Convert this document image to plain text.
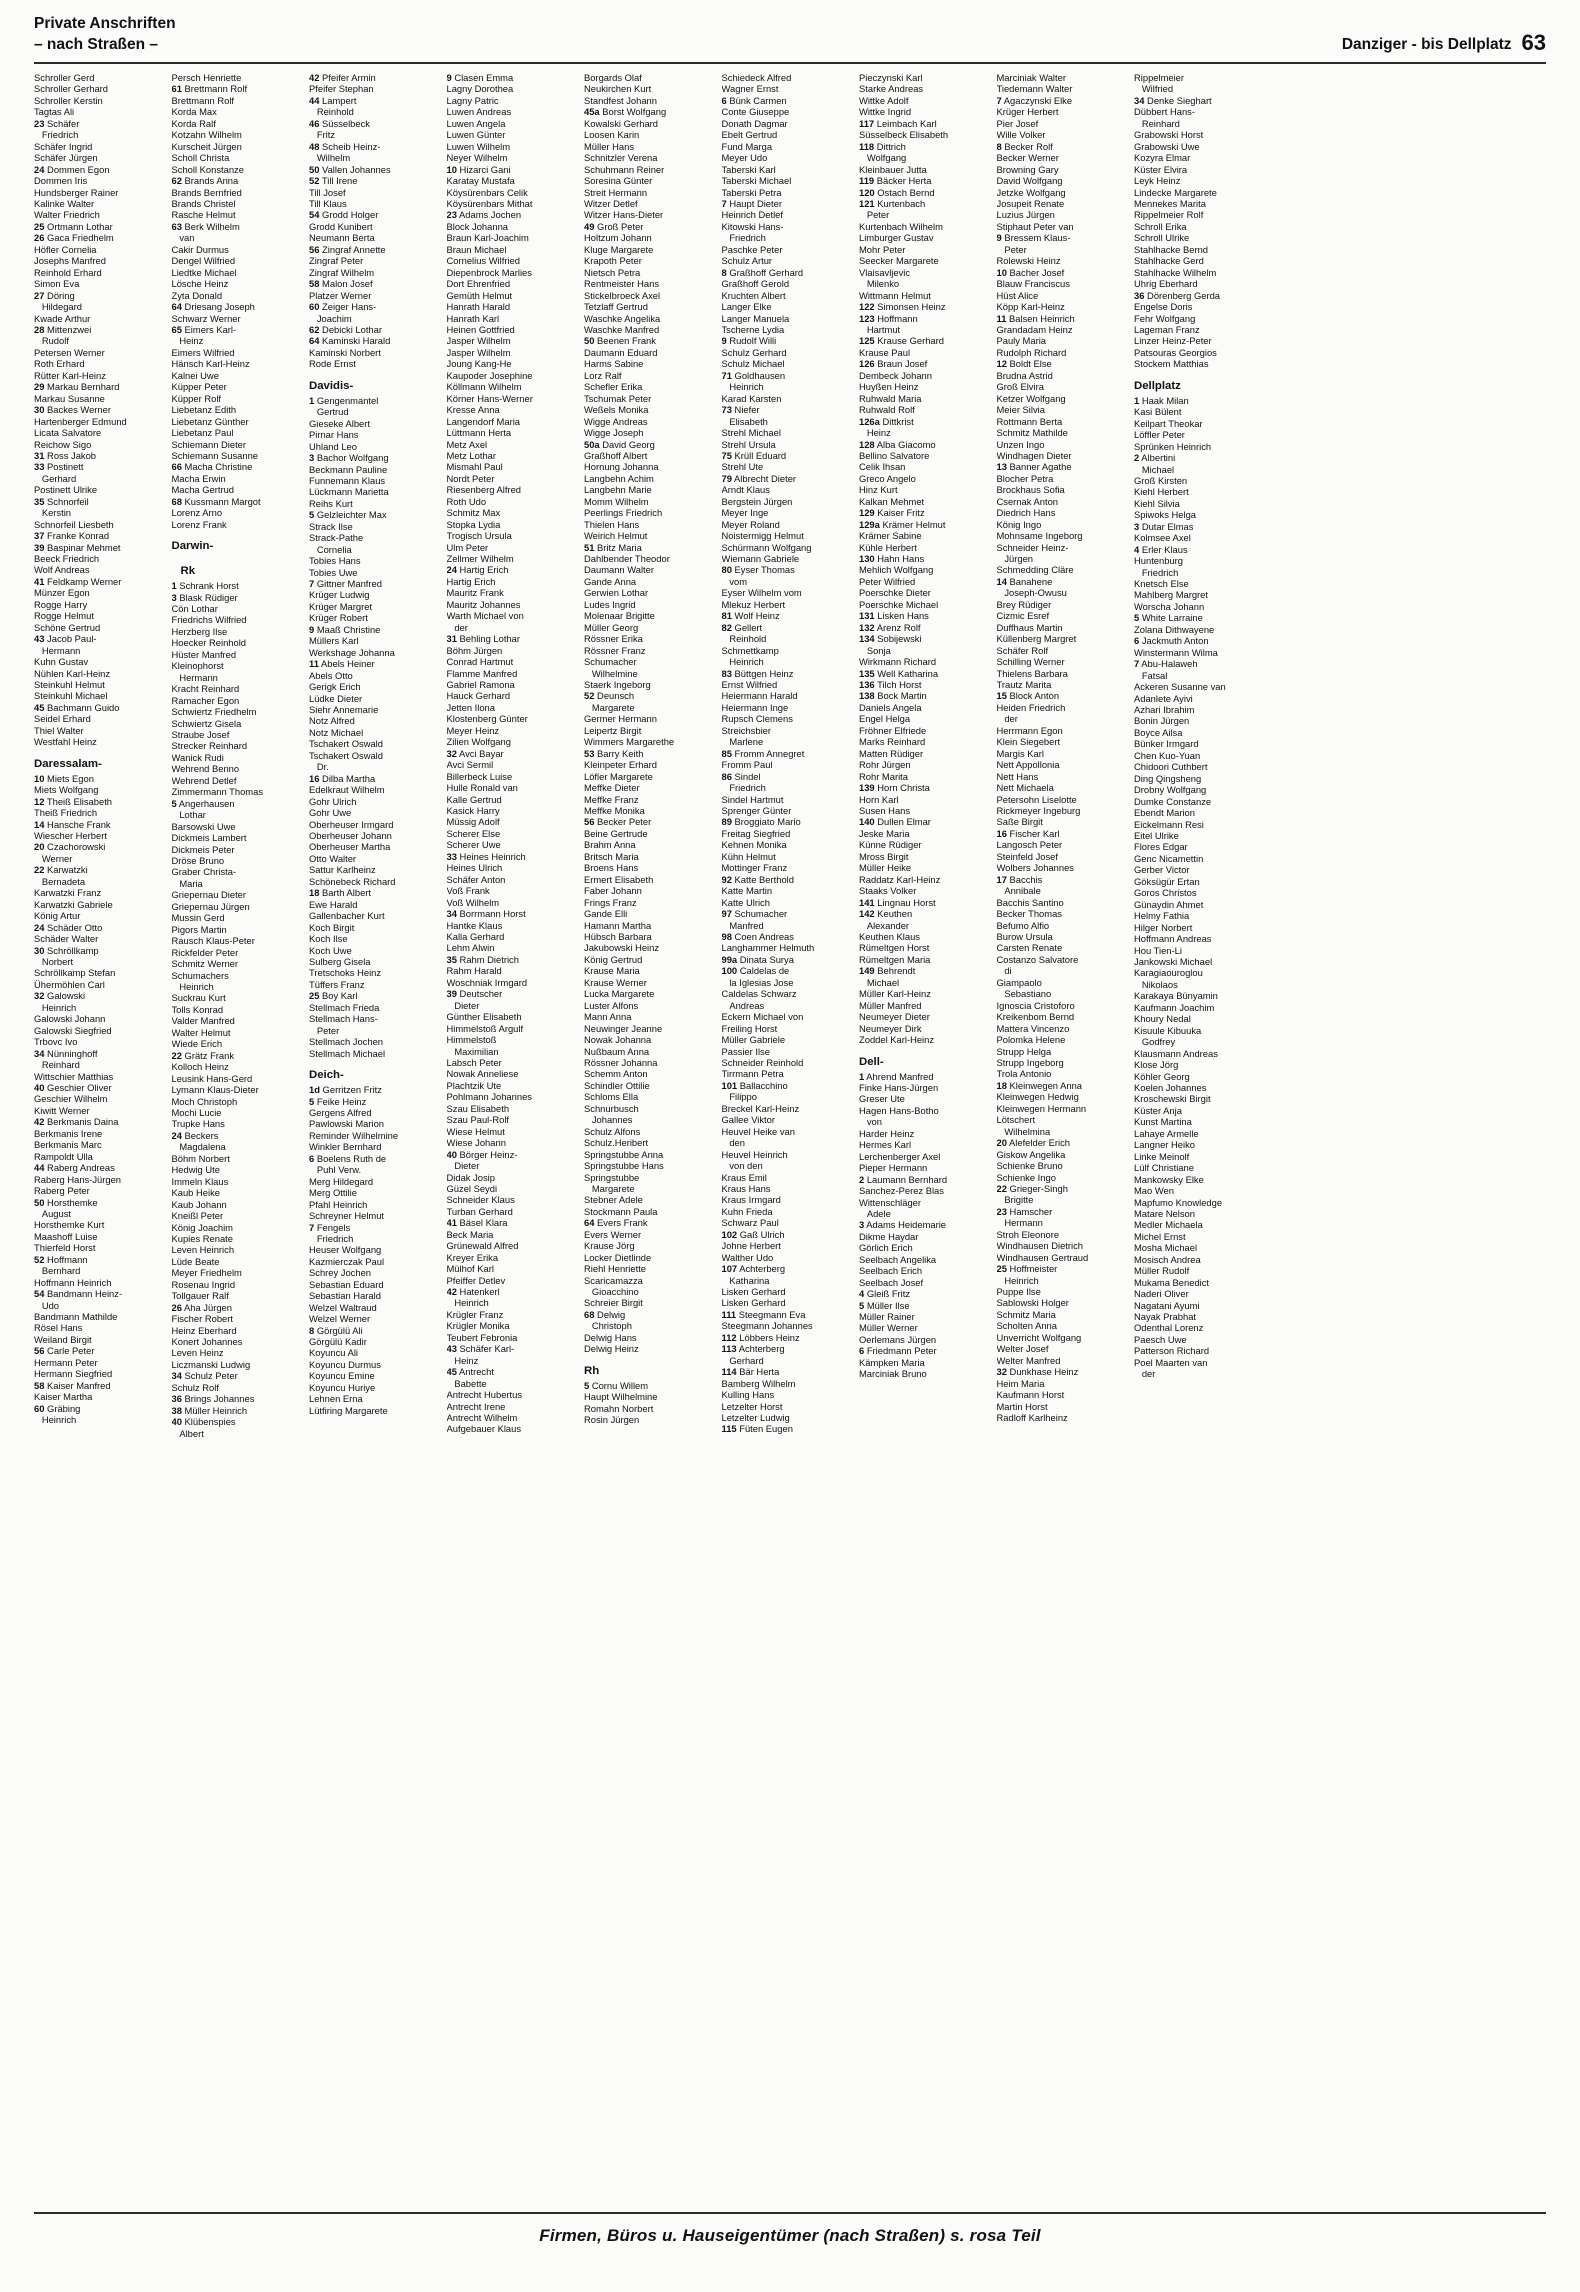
Private Anschriften
– nach Straßen –	Danziger - bis Dellplatz 63
Schroller Gerd
Schroller Gerhard
Schroller Kerstin
Tagtas Ali
23 Schäfer
Friedrich
Schäfer Ingrid
Schäfer Jürgen
24 Dommen Egon
Dommen Iris
Hundsberger Rainer
Kalinke Walter
Walter Friedrich
25 Ortmann Lothar
26 Gaca Friedhelm
Höfler Cornelia
Josephs Manfred
Reinhold Erhard
Simon Eva
27 Döring
Hildegard
Kwade Arthur
28 Mittenzwei
Rudolf
Petersen Werner
Roth Erhard
Rütter Karl-Heinz
29 Markau Bernhard
Markau Susanne
30 Backes Werner
Hartenberger Edmund
Licata Salvatore
Reichow Sigo
31 Ross Jakob
33 Postinett
Gerhard
Postinett Ulrike
35 Schnorfeil
Kerstin
Schnorfeil Liesbeth
37 Franke Konrad
39 Baspinar Mehmet
Beeck Friedrich
Wolf Andreas
41 Feldkamp Werner
Münzer Egon
Rogge Harry
Rogge Helmut
Schöne Gertrud
43 Jacob Paul-
Hermann
Kuhn Gustav
Nühlen Karl-Heinz
Steinkuhl Helmut
Steinkuhl Michael
45 Bachmann Guido
Seidel Erhard
Thiel Walter
Westfahl Heinz
Daressalam-
10 Miets Egon
Miets Wolfgang
12 Theiß Elisabeth
Theiß Friedrich
14 Hansche Frank
Wiescher Herbert
20 Czachorowski
Werner
22 Karwatzki
Bernadeta
Karwatzki Franz
Karwatzki Gabriele
König Artur
24 Schäder Otto
Schäder Walter
30 Schröllkamp
Norbert
Schröllkamp Stefan
Ühermöhlen Carl
32 Galowski
Heinrich
Galowski Johann
Galowski Siegfried
Trbovc Ivo
34 Nünninghoff
Reinhard
Wittschier Matthias
40 Geschier Oliver
Geschier Wilhelm
Kiwitt Werner
42 Berkmanis Daina
Berkmanis Irene
Berkmanis Marc
Rampoldt Ulla
44 Raberg Andreas
Raberg Hans-Jürgen
Raberg Peter
50 Horsthemke
August
Horsthemke Kurt
Maashoff Luise
Thierfeld Horst
52 Hoffmann
Bernhard
Hoffmann Heinrich
54 Bandmann Heinz-
Udo
Bandmann Mathilde
Rösel Hans
Weiland Birgit
56 Carle Peter
Hermann Peter
Hermann Siegfried
58 Kaiser Manfred
Kaiser Martha
60 Gräbing
Heinrich
Persch Henriette
61 Brettmann Rolf
Brettmann Rolf
Korda Max
Korda Ralf
Kotzahn Wilhelm
Kurscheit Jürgen
Scholl Christa
Scholl Konstanze
62 Brands Anna
Brands Bernfried
Brands Christel
Rasche Helmut
63 Berk Wilhelm
van
Cakir Durmus
Dengel Wilfried
Liedtke Michael
Lösche Heinz
Zyta Donald
64 Driesang Joseph
Schwarz Werner
65 Eimers Karl-
Heinz
Eimers Wilfried
Hänsch Karl-Heinz
Kalnei Uwe
Küpper Peter
Küpper Rolf
Liebetanz Edith
Liebetanz Günther
Liebetanz Paul
Schiemann Dieter
Schiemann Susanne
66 Macha Christine
Macha Erwin
Macha Gertrud
68 Kussmann Margot
Lorenz Arno
Lorenz Frank
Darwin-
Rk
1 Schrank Horst
3 Blask Rüdiger
Cön Lothar
Friedrichs Wilfried
Herzberg Ilse
Hoecker Reinhold
Hüster Manfred
Kleinophorst
Hermann
Kracht Reinhard
Ramacher Egon
Schwiertz Friedhelm
Schwiertz Gisela
Straube Josef
Strecker Reinhard
Wanick Rudi
Wehrend Benno
Wehrend Detlef
Zimmermann Thomas
5 Angerhausen
Lothar
Barsowski Uwe
Dickmeis Lambert
Dickmeis Peter
Dröse Bruno
Graber Christa-
Maria
Griepernau Dieter
Griepernau Jürgen
Mussin Gerd
Pigors Martin
Rausch Klaus-Peter
Rickfelder Peter
Schmitz Werner
Schumachers
Heinrich
Suckrau Kurt
Tolls Konrad
Valder Manfred
Walter Helmut
Wiede Erich
22 Grätz Frank
Kolloch Heinz
Leusink Hans-Gerd
Lymann Klaus-Dieter
Moch Christoph
Mochi Lucie
Trupke Hans
24 Beckers
Magdalena
Böhm Norbert
Hedwig Ute
Immeln Klaus
Kaub Heike
Kaub Johann
Kneißl Peter
König Joachim
Kupies Renate
Leven Heinrich
Lüde Beate
Meyer Friedhelm
Rosenau Ingrid
Tollgauer Ralf
26 Aha Jürgen
Fischer Robert
Heinz Eberhard
Konert Johannes
Leven Heinz
Liczmanski Ludwig
34 Schulz Peter
Schulz Rolf
36 Brings Johannes
38 Müller Heinrich
40 Klübenspies
Albert
42 Pfeifer Armin
Pfeifer Stephan
44 Lampert
Reinhold
46 Süsselbeck
Fritz
48 Scheib Heinz-
Wilhelm
50 Vallen Johannes
52 Till Irene
Till Josef
Till Klaus
54 Grodd Holger
Grodd Kunibert
Neumann Berta
56 Zingraf Annette
Zingraf Peter
Zingraf Wilhelm
58 Malon Josef
Platzer Werner
60 Zeiger Hans-
Joachim
62 Debicki Lothar
64 Kaminski Harald
Kaminski Norbert
Rode Ernst
Davidis-
1 Gengenmantel
Gertrud
Gieseke Albert
Pirnar Hans
Uhland Leo
3 Bachor Wolfgang
Beckmann Pauline
Funnemann Klaus
Lückmann Marietta
Reihs Kurt
5 Gelzleichter Max
Strack Ilse
Strack-Pathe
Cornelia
Tobies Hans
Tobies Uwe
7 Gittner Manfred
Krüger Ludwig
Krüger Margret
Krüger Robert
9 Maaß Christine
Müllers Karl
Werkshage Johanna
11 Abels Heiner
Abels Otto
Gerigk Erich
Lüdke Dieter
Siehr Annemarie
Notz Alfred
Notz Michael
Tschakert Oswald
Tschakert Oswald
Dr.
16 Dilba Martha
Edelkraut Wilhelm
Gohr Ulrich
Gohr Uwe
Oberheuser Irmgard
Oberheuser Johann
Oberheuser Martha
Otto Walter
Sattur Karlheinz
Schönebeck Richard
18 Barth Albert
Ewe Harald
Gallenbacher Kurt
Koch Birgit
Koch Ilse
Koch Uwe
Sulberg Gisela
Tretschoks Heinz
Tüffers Franz
25 Boy Karl
Stellmach Frieda
Stellmach Hans-
Peter
Stellmach Jochen
Stellmach Michael
Deich-
1d Gerritzen Fritz
5 Feike Heinz
Gergens Alfred
Pawlowski Marion
Reminder Wilhelmine
Winkler Bernhard
6 Boelens Ruth de
Puhl Verw.
Merg Hildegard
Merg Ottilie
Pfahl Heinrich
Schreyner Helmut
7 Fengels
Friedrich
Heuser Wolfgang
Kazmierczak Paul
Schrey Jochen
Sebastian Eduard
Sebastian Harald
Welzel Waltraud
Welzel Werner
8 Görgülü Ali
Görgülü Kadir
Koyuncu Ali
Koyuncu Durmus
Koyuncu Emine
Koyuncu Huriye
Lehnen Erna
Lütfiring Margarete
9 Clasen Emma
Lagny Dorothea
Lagny Patric
Luwen Andreas
Luwen Angela
Luwen Günter
Luwen Wilhelm
Neyer Wilhelm
10 Hizarci Gani
Karatay Mustafa
Köysürenbars Celik
Köysürenbars Mithat
23 Adams Jochen
Block Johanna
Braun Karl-Joachim
Braun Michael
Cornelius Wilfried
Diepenbrock Marlies
Dort Ehrenfried
Gemüth Helmut
Hanrath Harald
Hanrath Karl
Heinen Gottfried
Jasper Wilhelm
Jasper Wilhelm
Joung Kang-He
Kaupoder Josephine
Köllmann Wilhelm
Körner Hans-Werner
Kresse Anna
Langendorf Maria
Lüttmann Herta
Metz Axel
Metz Lothar
Mismahl Paul
Nordt Peter
Riesenberg Alfred
Roth Udo
Schmitz Max
Stopka Lydia
Trogisch Ursula
Ulm Peter
Zellmer Wilhelm
24 Hartig Erich
Hartig Erich
Mauritz Frank
Mauritz Johannes
Warth Michael von
der
31 Behling Lothar
Böhm Jürgen
Conrad Hartmut
Flamme Manfred
Gabriel Ramona
Hauck Gerhard
Jetten Ilona
Klostenberg Günter
Meyer Heinz
Zilien Wolfgang
32 Avci Bayar
Avci Sermil
Billerbeck Luise
Hulle Ronald van
Kalle Gertrud
Kasick Harry
Müssig Adolf
Scherer Else
Scherer Uwe
33 Heines Heinrich
Heines Ulrich
Schäfer Anton
Voß Frank
Voß Wilhelm
34 Borrmann Horst
Hantke Klaus
Kalla Gerhard
Lehm Alwin
35 Rahm Dietrich
Rahm Harald
Woschniak Irmgard
39 Deutscher
Dieter
Günther Elisabeth
Himmelstoß Argulf
Himmelstoß
Maximilian
Labsch Peter
Nowak Anneliese
Plachtzik Ute
Pohlmann Johannes
Szau Elisabeth
Szau Paul-Rolf
Wiese Helmut
Wiese Johann
40 Börger Heinz-
Dieter
Didak Josip
Güzel Seydi
Schneider Klaus
Turban Gerhard
41 Bäsel Klara
Beck Maria
Grünewald Alfred
Kreyer Erika
Mülhof Karl
Pfeiffer Detlev
42 Hatenkerl
Heinrich
Krügler Franz
Krügler Monika
Teubert Febronia
43 Schäfer Karl-
Heinz
45 Antrecht
Babette
Antrecht Hubertus
Antrecht Irene
Antrecht Wilhelm
Aufgebauer Klaus
Borgards Olaf
Neukirchen Kurt
Standfest Johann
45a Borst Wolfgang
Kowalski Gerhard
Loosen Karin
Müller Hans
Schnitzler Verena
Schuhmann Reiner
Soresina Günter
Streit Hermann
Witzer Detlef
Witzer Hans-Dieter
49 Groß Peter
Holtzum Johann
Kluge Margarete
Krapoth Peter
Nietsch Petra
Rentmeister Hans
Stickelbroeck Axel
Tetzlaff Gertrud
Waschke Angelika
Waschke Manfred
50 Beenen Frank
Daumann Eduard
Harms Sabine
Lorz Ralf
Schefler Erika
Tschumak Peter
Weßels Monika
Wigge Andreas
Wigge Joseph
50a David Georg
Graßhoff Albert
Hornung Johanna
Langbehn Achim
Langbehn Marie
Momm Wilhelm
Peerlings Friedrich
Thielen Hans
Weirich Helmut
51 Britz Maria
Dahlbender Theodor
Daumann Walter
Gande Anna
Gerwien Lothar
Ludes Ingrid
Molenaar Brigitte
Müller Georg
Rössner Erika
Rössner Franz
Schumacher
Wilhelmine
Staerk Ingeborg
52 Deunsch
Margarete
Germer Hermann
Leipertz Birgit
Wimmers Margarethe
53 Barry Keith
Kleinpeter Erhard
Löfler Margarete
Meffke Dieter
Meffke Franz
Meffke Monika
56 Becker Peter
Beine Gertrude
Brahm Anna
Britsch Maria
Broens Hans
Ermert Elisabeth
Faber Johann
Frings Franz
Gande Elli
Hamann Martha
Hübsch Barbara
Jakubowski Heinz
König Gertrud
Krause Maria
Krause Werner
Lucka Margarete
Luster Alfons
Mann Anna
Neuwinger Jeanne
Nowak Johanna
Nußbaum Anna
Rössner Johanna
Schemm Anton
Schindler Ottilie
Schloms Ella
Schnurbusch
Johannes
Schulz Alfons
Schulz.Heribert
Springstubbe Anna
Springstubbe Hans
Springstubbe
Margarete
Stebner Adele
Stockmann Paula
64 Evers Frank
Evers Werner
Krause Jörg
Locker Dietlinde
Riehl Henriette
Scaricamazza
Gioacchino
Schreier Birgit
68 Delwig
Christoph
Delwig Hans
Delwig Heinz
Rh
5 Cornu Willem
Haupt Wilhelmine
Romahn Norbert
Rosin Jürgen
Schiedeck Alfred
Wagner Ernst
6 Bünk Carmen
Conte Giuseppe
Donath Dagmar
Ebelt Gertrud
Fund Marga
Meyer Udo
Taberski Karl
Taberski Michael
Taberski Petra
7 Haupt Dieter
Heinrich Detlef
Kitowski Hans-
Friedrich
Paschke Peter
Schulz Artur
8 Graßhoff Gerhard
Graßhoff Gerold
Kruchten Albert
Langer Elke
Langer Manuela
Tscherne Lydia
9 Rudolf Willi
Schulz Gerhard
Schulz Michael
71 Goldhausen
Heinrich
Karad Karsten
73 Niefer
Elisabeth
Strehl Michael
Strehl Ursula
75 Krüll Eduard
Strehl Ute
79 Albrecht Dieter
Arndt Klaus
Bergstein Jürgen
Meyer Inge
Meyer Roland
Noistermigg Helmut
Schürmann Wolfgang
Wiemann Gabriele
80 Eyser Thomas
vom
Eyser Wilhelm vom
Mlekuz Herbert
81 Wolf Heinz
82 Gellert
Reinhold
Schmettkamp
Heinrich
83 Büttgen Heinz
Ernst Wilfried
Heiermann Harald
Heiermann Inge
Rupsch Clemens
Streichsbier
Marlene
85 Fromm Annegret
Fromm Paul
86 Sindel
Friedrich
Sindel Hartmut
Sprenger Günter
89 Broggiato Mario
Freitag Siegfried
Kehnen Monika
Kühn Helmut
Mottinger Franz
92 Katte Berthold
Katte Martin
Katte Ulrich
97 Schumacher
Manfred
98 Coen Andreas
Langhammer Helmuth
99a Dinata Surya
100 Caldelas de
la Iglesias Jose
Caldelas Schwarz
Andreas
Eckern Michael von
Freiling Horst
Müller Gabriele
Passier Ilse
Schneider Reinhold
Tirrmann Petra
101 Ballacchino
Filippo
Breckel Karl-Heinz
Gallee Viktor
Heuvel Heike van
den
Heuvel Heinrich
von den
Kraus Emil
Kraus Hans
Kraus Irmgard
Kuhn Frieda
Schwarz Paul
102 Gaß Ulrich
Johne Herbert
Walther Udo
107 Achterberg
Katharina
Lisken Gerhard
Lisken Gerhard
111 Steegmann Eva
Steegmann Johannes
112 Löbbers Heinz
113 Achterberg
Gerhard
114 Bär Herta
Bamberg Wilhelm
Kulling Hans
Letzelter Horst
Letzelter Ludwig
115 Füten Eugen
Pieczynski Karl
Starke Andreas
Wittke Adolf
Wittke Ingrid
117 Leimbach Karl
Süsselbeck Elisabeth
118 Dittrich
Wolfgang
Kleinbauer Jutta
119 Bäcker Herta
120 Ostach Bernd
121 Kurtenbach
Peter
Kurtenbach Wilhelm
Limburger Gustav
Mohr Peter
Seecker Margarete
Vlaisavljevic
Milenko
Wittmann Helmut
122 Simonsen Heinz
123 Hoffmann
Hartmut
125 Krause Gerhard
Krause Paul
126 Braun Josef
Dembeck Johann
Huyßen Heinz
Ruhwald Maria
Ruhwald Rolf
126a Dittkrist
Heinz
128 Alba Giacomo
Bellino Salvatore
Celik Ihsan
Greco Angelo
Hinz Kurt
Kalkan Mehmet
129 Kaiser Fritz
129a Krämer Helmut
Krämer Sabine
Kühle Herbert
130 Hahn Hans
Mehlich Wolfgang
Peter Wilfried
Poerschke Dieter
Poerschke Michael
131 Lisken Hans
132 Arenz Rolf
134 Sobijewski
Sonja
Wirkmann Richard
135 Well Katharina
136 Tilch Horst
138 Bock Martin
Daniels Angela
Engel Helga
Fröhner Elfriede
Marks Reinhard
Matten Rüdiger
Rohr Jürgen
Rohr Marita
139 Horn Christa
Horn Karl
Susen Hans
140 Dullen Elmar
Jeske Maria
Künne Rüdiger
Mross Birgit
Müller Heike
Raddatz Karl-Heinz
Staaks Volker
141 Lingnau Horst
142 Keuthen
Alexander
Keuthen Klaus
Rümeltgen Horst
Rümeltgen Maria
149 Behrendt
Michael
Müller Karl-Heinz
Müller Manfred
Neumeyer Dieter
Neumeyer Dirk
Zoddel Karl-Heinz
Dell-
1 Ahrend Manfred
Finke Hans-Jürgen
Greser Ute
Hagen Hans-Botho
von
Harder Heinz
Hermes Karl
Lerchenberger Axel
Pieper Hermann
2 Laumann Bernhard
Sanchez-Perez Blas
Wittenschläger
Adele
3 Adams Heidemarie
Dikme Haydar
Görlich Erich
Seelbach Angelika
Seelbach Erich
Seelbach Josef
4 Gleiß Fritz
5 Müller Ilse
Müller Rainer
Müller Werner
Oerlemans Jürgen
6 Friedmann Peter
Kämpken Maria
Marciniak Bruno
Marciniak Walter
Tiedemann Walter
7 Agaczynski Elke
Krüger Herbert
Pier Josef
Wille Volker
8 Becker Rolf
Becker Werner
Browning Gary
David Wolfgang
Jetzke Wolfgang
Josupeit Renate
Luzius Jürgen
Stiphaut Peter van
9 Bressem Klaus-
Peter
Rolewski Heinz
10 Bacher Josef
Blauw Franciscus
Hüst Alice
Köpp Karl-Heinz
11 Balsen Heinrich
Grandadam Heinz
Pauly Maria
Rudolph Richard
12 Boldt Else
Brudna Astrid
Groß Elvira
Ketzer Wolfgang
Meier Silvia
Rottmann Berta
Schmitz Mathilde
Unzen Ingo
Windhagen Dieter
13 Banner Agathe
Blocher Petra
Brockhaus Sofia
Csernak Anton
Diedrich Hans
König Ingo
Mohnsame Ingeborg
Schneider Heinz-
Jürgen
Schmedding Cläre
14 Banahene
Joseph-Owusu
Brey Rüdiger
Cizmic Esref
Duffhaus Martin
Küllenberg Margret
Schäfer Rolf
Schilling Werner
Thielens Barbara
Trautz Marita
15 Block Anton
Heiden Friedrich
der
Herrmann Egon
Klein Siegebert
Margis Karl
Nett Appollonia
Nett Hans
Nett Michaela
Petersohn Liselotte
Rickmeyer Ingeburg
Saße Birgit
16 Fischer Karl
Langosch Peter
Steinfeld Josef
Wolbers Johannes
17 Bacchis
Annibale
Bacchis Santino
Becker Thomas
Befumo Alfio
Burow Ursula
Carsten Renate
Costanzo Salvatore
di
Giampaolo
Sebastiano
Ignoscia Cristoforo
Kreikenbom Bernd
Mattera Vincenzo
Polomka Helene
Strupp Helga
Strupp Ingeborg
Trola Antonio
18 Kleinwegen Anna
Kleinwegen Hedwig
Kleinwegen Hermann
Lötschert
Wilhelmina
20 Alefelder Erich
Giskow Angelika
Schienke Bruno
Schienke Ingo
22 Grieger-Singh
Brigitte
23 Hamscher
Hermann
Stroh Eleonore
Windhausen Dietrich
Windhausen Gertraud
25 Hoffmeister
Heinrich
Puppe Ilse
Sablowski Holger
Schmitz Maria
Scholten Anna
Unverricht Wolfgang
Welter Josef
Welter Manfred
32 Dunkhase Heinz
Heim Maria
Kaufmann Horst
Martin Horst
Radloff Karlheinz
Rippelmeier
Wilfried
34 Denke Sieghart
Dübbert Hans-
Reinhard
Grabowski Horst
Grabowski Uwe
Kozyra Elmar
Küster Elvira
Leyk Heinz
Lindecke Margarete
Mennekes Marita
Rippelmeier Rolf
Schroll Erika
Schroll Ulrike
Stahlhacke Bernd
Stahlhacke Gerd
Stahlhacke Wilhelm
Uhrig Eberhard
36 Dörenberg Gerda
Engelse Doris
Fehr Wolfgang
Lageman Franz
Linzer Heinz-Peter
Patsouras Georgios
Stockem Matthias
Dellplatz
1 Haak Milan
Kasi Bülent
Keilpart Theokar
Löffler Peter
Sprünken Heinrich
2 Albertini
Michael
Groß Kirsten
Kiehl Herbert
Kiehl Silvia
Spiwoks Helga
3 Dutar Elmas
Kolmsee Axel
4 Erler Klaus
Huntenburg
Friedrich
Knetsch Else
Mahlberg Margret
Worscha Johann
5 White Larraine
Zolana Dithwayene
6 Jackmuth Anton
Winstermann Wilma
7 Abu-Halaweh
Fatsal
Ackeren Susanne van
Adanlete Ayivi
Azhari Ibrahim
Bonin Jürgen
Boyce Ailsa
Bünker Irmgard
Chen Kuo-Yuan
Chidoori Cuthbert
Ding Qingsheng
Drobny Wolfgang
Dumke Constanze
Ebendt Marion
Eickelmann Resi
Eitel Ulrike
Flores Edgar
Genc Nicamettin
Gerber Victor
Göksügür Ertan
Goros Christos
Günaydin Ahmet
Helmy Fathia
Hilger Norbert
Hoffmann Andreas
Hou Tien-Li
Jankowski Michael
Karagiaouroglou
Nikolaos
Karakaya Bünyamin
Kaufmann Joachim
Khoury Nedal
Kisuule Kibuuka
Godfrey
Klausmann Andreas
Klose Jörg
Köhler Georg
Koelen Johannes
Kroschewski Birgit
Küster Anja
Kunst Martina
Lahaye Armelle
Langner Heiko
Linke Meinolf
Lülf Christiane
Mankowsky Elke
Mao Wen
Mapfumo Knowledge
Matare Nelson
Medler Michaela
Michel Ernst
Mosha Michael
Mosisch Andrea
Müller Rudolf
Mukama Benedict
Naderi Oliver
Nagatani Ayumi
Nayak Prabhat
Odenthal Lorenz
Paesch Uwe
Patterson Richard
Poel Maarten van
der
Firmen, Büros u. Hauseigentümer (nach Straßen) s. rosa Teil
